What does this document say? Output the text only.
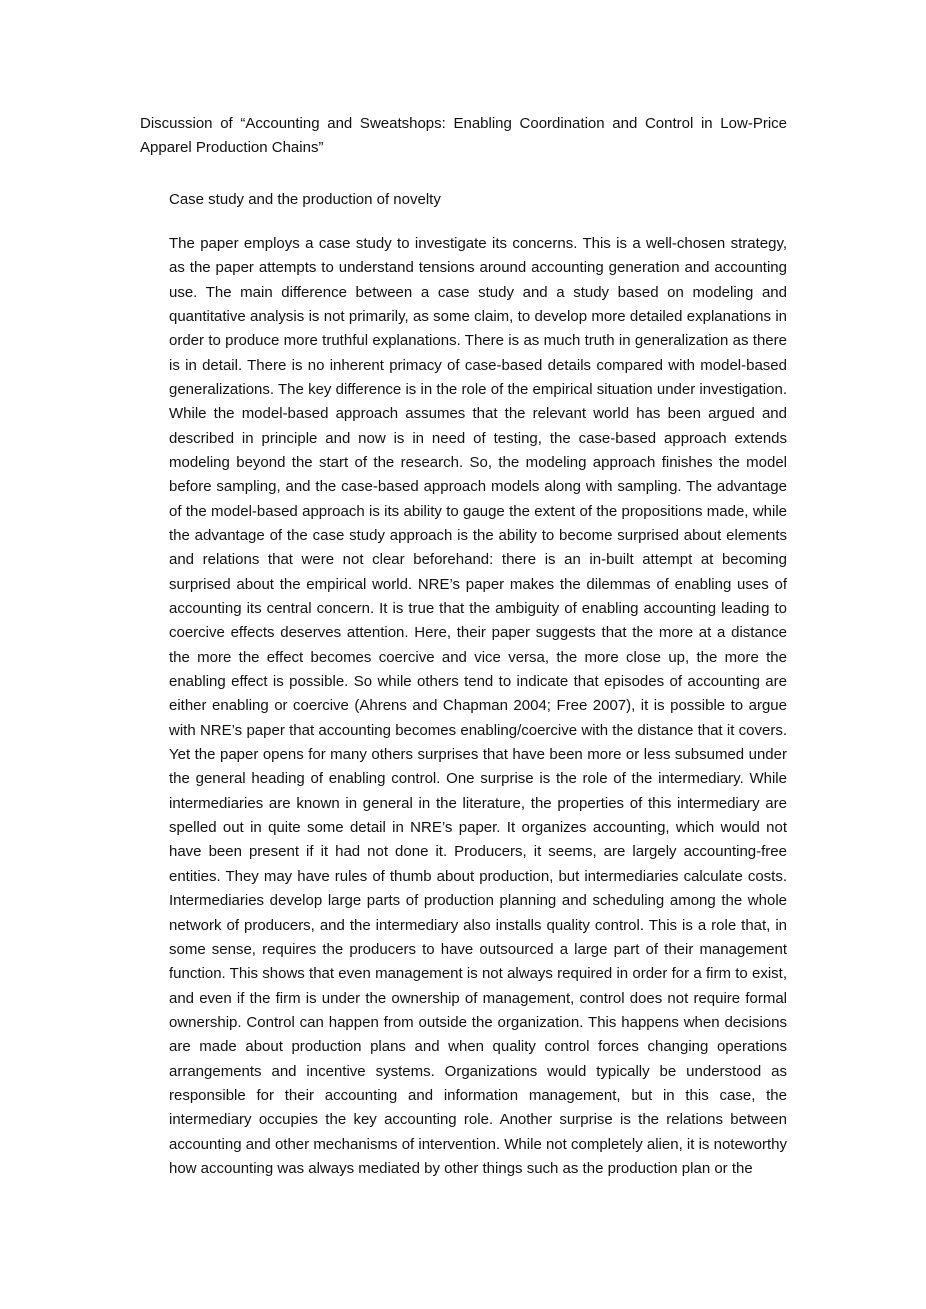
Discussion of “Accounting and Sweatshops: Enabling Coordination and Control in Low-Price Apparel Production Chains”

Case study and the production of novelty

The paper employs a case study to investigate its concerns. This is a well-chosen strategy, as the paper attempts to understand tensions around accounting generation and accounting use. The main difference between a case study and a study based on modeling and quantitative analysis is not primarily, as some claim, to develop more detailed explanations in order to produce more truthful explanations. There is as much truth in generalization as there is in detail. There is no inherent primacy of case-based details compared with model-based generalizations. The key difference is in the role of the empirical situation under investigation. While the model-based approach assumes that the relevant world has been argued and described in principle and now is in need of testing, the case-based approach extends modeling beyond the start of the research. So, the modeling approach finishes the model before sampling, and the case-based approach models along with sampling. The advantage of the model-based approach is its ability to gauge the extent of the propositions made, while the advantage of the case study approach is the ability to become surprised about elements and relations that were not clear beforehand: there is an in-built attempt at becoming surprised about the empirical world. NRE’s paper makes the dilemmas of enabling uses of accounting its central concern. It is true that the ambiguity of enabling accounting leading to coercive effects deserves attention. Here, their paper suggests that the more at a distance the more the effect becomes coercive and vice versa, the more close up, the more the enabling effect is possible. So while others tend to indicate that episodes of accounting are either enabling or coercive (Ahrens and Chapman 2004; Free 2007), it is possible to argue with NRE’s paper that accounting becomes enabling/coercive with the distance that it covers. Yet the paper opens for many others surprises that have been more or less subsumed under the general heading of enabling control. One surprise is the role of the intermediary. While intermediaries are known in general in the literature, the properties of this intermediary are spelled out in quite some detail in NRE’s paper. It organizes accounting, which would not have been present if it had not done it. Producers, it seems, are largely accounting-free entities. They may have rules of thumb about production, but intermediaries calculate costs. Intermediaries develop large parts of production planning and scheduling among the whole network of producers, and the intermediary also installs quality control. This is a role that, in some sense, requires the producers to have outsourced a large part of their management function. This shows that even management is not always required in order for a firm to exist, and even if the firm is under the ownership of management, control does not require formal ownership. Control can happen from outside the organization. This happens when decisions are made about production plans and when quality control forces changing operations arrangements and incentive systems. Organizations would typically be understood as responsible for their accounting and information management, but in this case, the intermediary occupies the key accounting role. Another surprise is the relations between accounting and other mechanisms of intervention. While not completely alien, it is noteworthy how accounting was always mediated by other things such as the production plan or the
